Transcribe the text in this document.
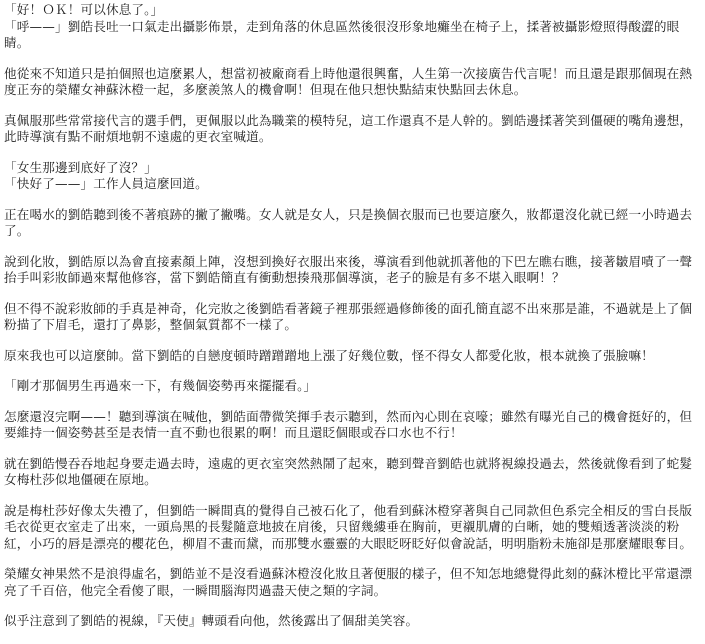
「好！ＯＫ！可以休息了。」
「呼——」劉皓長吐一口氣走出攝影佈景，走到角落的休息區然後很沒形象地癱坐在椅子上，揉著被攝影燈照得酸澀的眼睛。

他從來不知道只是拍個照也這麼累人，想當初被廠商看上時他還很興奮，人生第一次接廣告代言呢！而且還是跟那個現在熱度正夯的榮耀女神蘇沐橙一起，多麼羨煞人的機會啊！但現在他只想快點結束快點回去休息。

真佩服那些常常接代言的選手們，更佩服以此為職業的模特兒，這工作還真不是人幹的。劉皓邊揉著笑到僵硬的嘴角邊想，此時導演有點不耐煩地朝不遠處的更衣室喊道。

「女生那邊到底好了沒？」
「快好了——」工作人員這麼回道。

正在喝水的劉皓聽到後不著痕跡的撇了撇嘴。女人就是女人，只是換個衣服而已也要這麼久，妝都還沒化就已經一小時過去了。

說到化妝，劉皓原以為會直接素顏上陣，沒想到換好衣服出來後，導演看到他就抓著他的下巴左瞧右瞧，接著皺眉嘖了一聲抬手叫彩妝師過來幫他修容，當下劉皓簡直有衝動想揍飛那個導演，老子的臉是有多不堪入眼啊！？

但不得不說彩妝師的手真是神奇，化完妝之後劉皓看著鏡子裡那張經過修飾後的面孔簡直認不出來那是誰，不過就是上了個粉描了下眉毛，還打了鼻影，整個氣質都不一樣了。

原來我也可以這麼帥。當下劉皓的自戀度頓時蹭蹭蹭地上漲了好幾位數，怪不得女人都愛化妝，根本就換了張臉嘛！

「剛才那個男生再過來一下，有幾個姿勢再來擺擺看。」

怎麼還沒完啊——！聽到導演在喊他，劉皓面帶微笑揮手表示聽到，然而內心則在哀嚎；雖然有曝光自己的機會挺好的，但要維持一個姿勢甚至是表情一直不動也很累的啊！而且還眨個眼或吞口水也不行！

就在劉皓慢吞吞地起身要走過去時，遠處的更衣室突然熱鬧了起來，聽到聲音劉皓也就將視線投過去，然後就像看到了蛇髮女梅杜莎似地僵硬在原地。

說是梅杜莎好像太失禮了，但劉皓一瞬間真的覺得自己被石化了，他看到蘇沐橙穿著與自己同款但色系完全相反的雪白長版毛衣從更衣室走了出來，一頭烏黑的長髮隨意地披在肩後，只留幾縷垂在胸前，更襯肌膚的白晰，她的雙頰透著淡淡的粉紅，小巧的唇是漂亮的櫻花色，柳眉不畫而黛，而那雙水靈靈的大眼眨呀眨好似會說話，明明脂粉未施卻是那麼耀眼奪目。

榮耀女神果然不是浪得虛名，劉皓並不是沒看過蘇沐橙沒化妝且著便服的樣子，但不知怎地總覺得此刻的蘇沐橙比平常還漂亮了千百倍，他完全看傻了眼，一瞬間腦海閃過盡天使之類的字詞。

似乎注意到了劉皓的視線，『天使』轉頭看向他，然後露出了個甜美笑容。
